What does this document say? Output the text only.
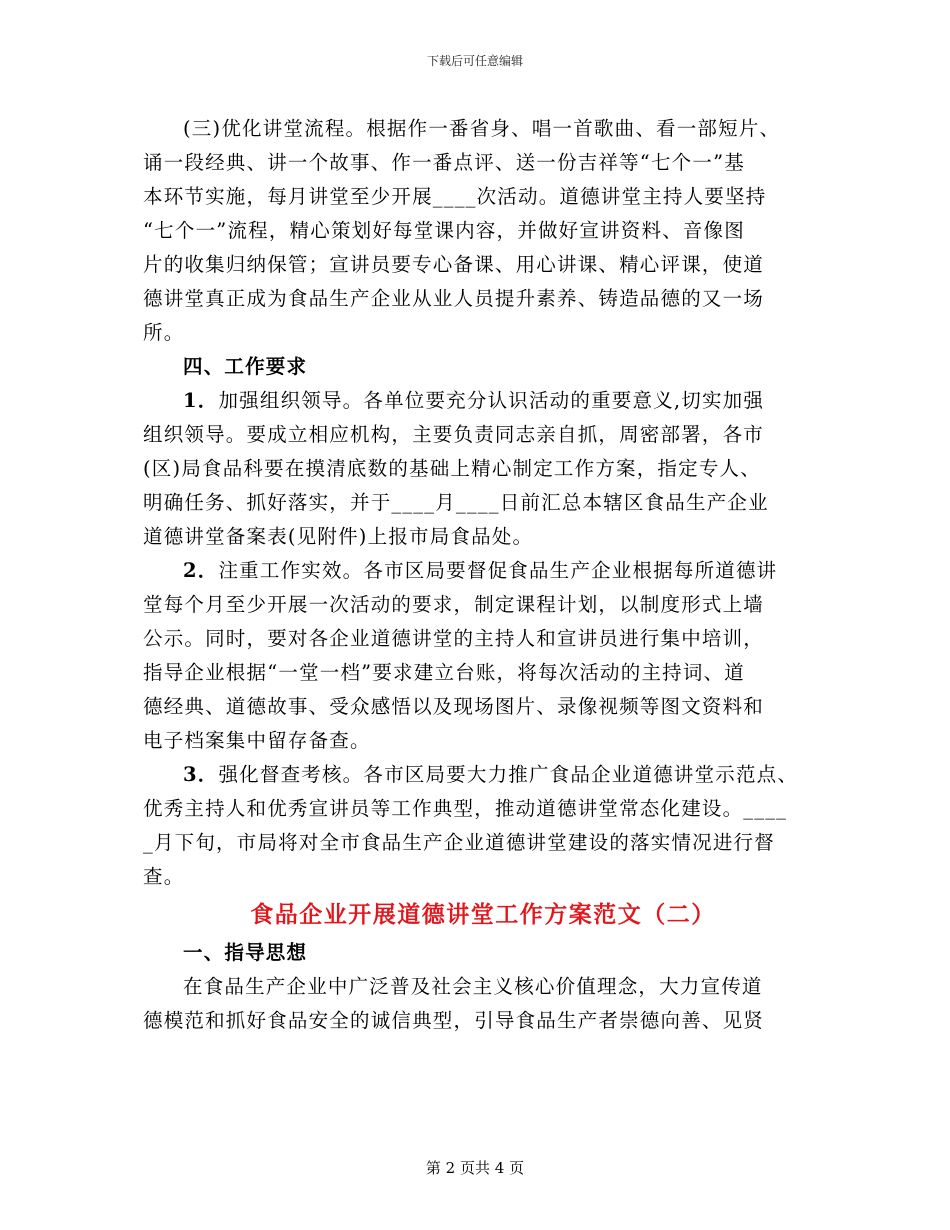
下载后可任意编辑
(三)优化讲堂流程。根据作一番省身、唱一首歌曲、看一部短片、
诵一段经典、讲一个故事、作一番点评、送一份吉祥等“七个一”基
本环节实施，每月讲堂至少开展____次活动。道德讲堂主持人要坚持
“七个一”流程，精心策划好每堂课内容，并做好宣讲资料、音像图
片的收集归纳保管；宣讲员要专心备课、用心讲课、精心评课，使道
德讲堂真正成为食品生产企业从业人员提升素养、铸造品德的又一场
所。
四、工作要求
1．加强组织领导。各单位要充分认识活动的重要意义,切实加强
组织领导。要成立相应机构，主要负责同志亲自抓，周密部署，各市
(区)局食品科要在摸清底数的基础上精心制定工作方案，指定专人、
明确任务、抓好落实，并于____月____日前汇总本辖区食品生产企业
道德讲堂备案表(见附件)上报市局食品处。
2．注重工作实效。各市区局要督促食品生产企业根据每所道德讲
堂每个月至少开展一次活动的要求，制定课程计划，以制度形式上墙
公示。同时，要对各企业道德讲堂的主持人和宣讲员进行集中培训，
指导企业根据“一堂一档”要求建立台账，将每次活动的主持词、道
德经典、道德故事、受众感悟以及现场图片、录像视频等图文资料和
电子档案集中留存备查。
3．强化督查考核。各市区局要大力推广食品企业道德讲堂示范点、
优秀主持人和优秀宣讲员等工作典型，推动道德讲堂常态化建设。____
_月下旬，市局将对全市食品生产企业道德讲堂建设的落实情况进行督
查。
食品企业开展道德讲堂工作方案范文（二）
一、指导思想
在食品生产企业中广泛普及社会主义核心价值理念，大力宣传道
德模范和抓好食品安全的诚信典型，引导食品生产者崇德向善、见贤
第 2 页共 4 页
